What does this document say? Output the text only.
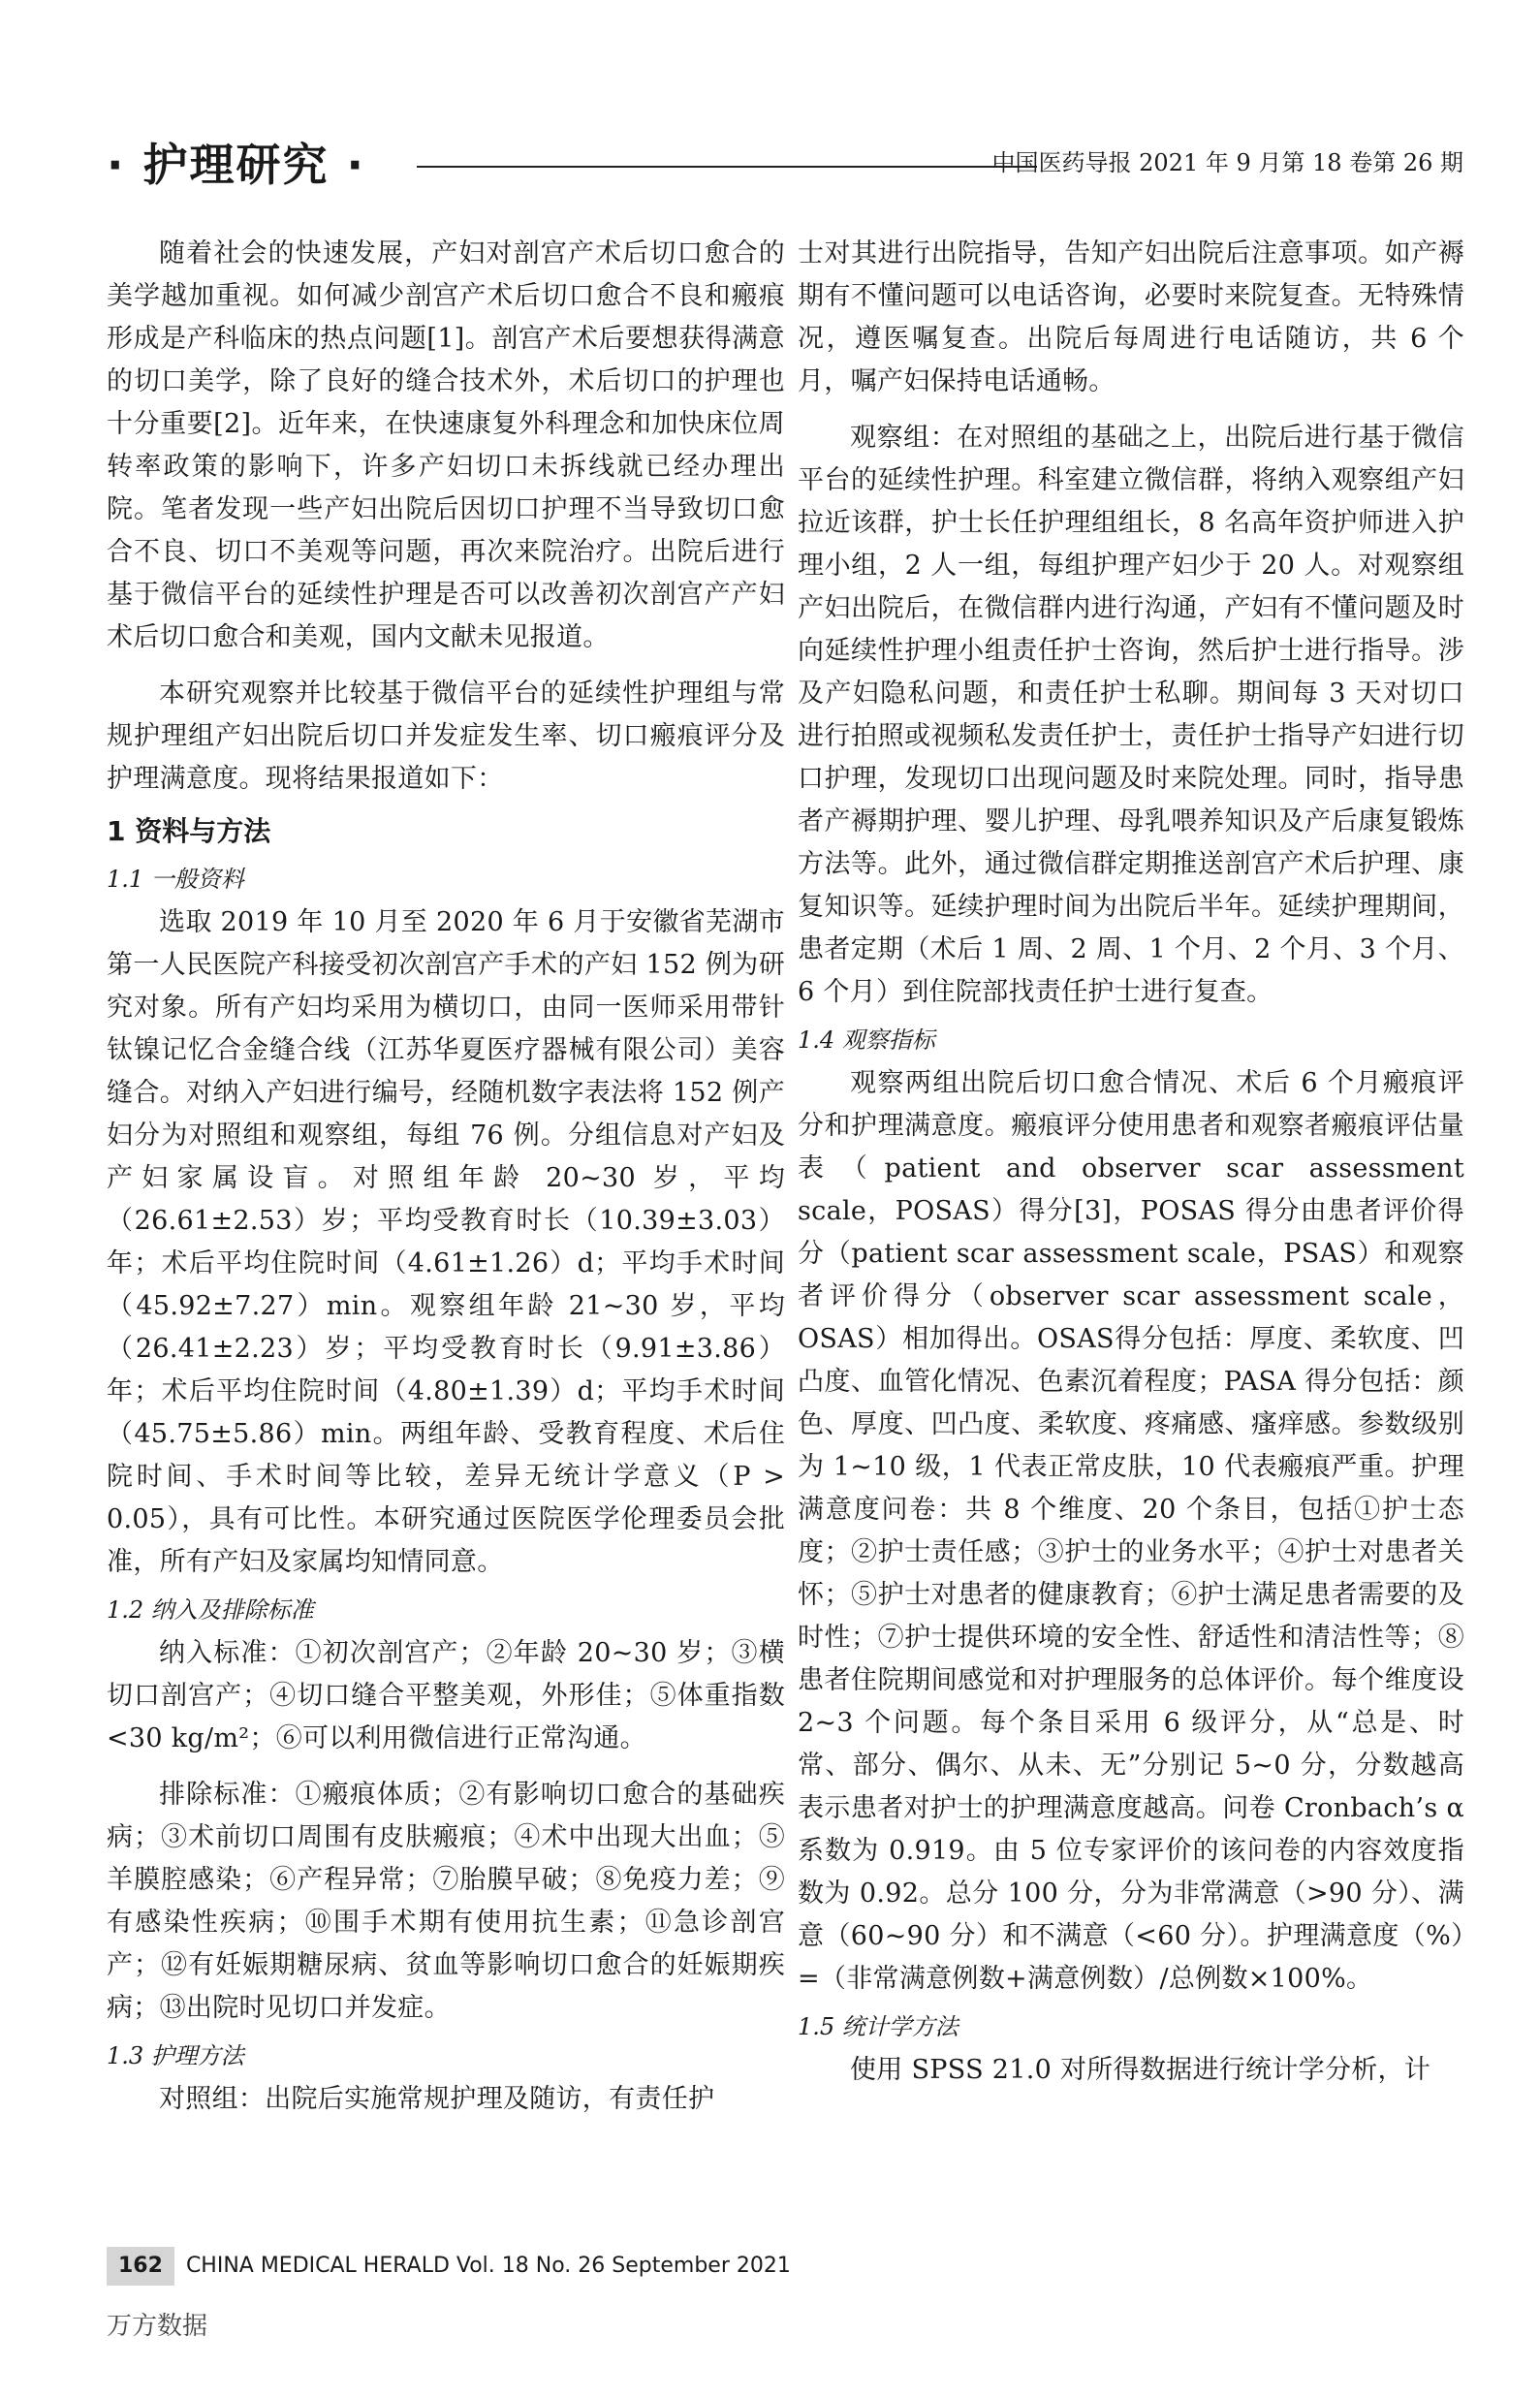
· 护理研究 ·	中国医药导报 2021 年 9 月第 18 卷第 26 期

随着社会的快速发展，产妇对剖宫产术后切口愈合的美学越加重视。如何减少剖宫产术后切口愈合不良和瘢痕形成是产科临床的热点问题[1]。剖宫产术后要想获得满意的切口美学，除了良好的缝合技术外，术后切口的护理也十分重要[2]。近年来，在快速康复外科理念和加快床位周转率政策的影响下，许多产妇切口未拆线就已经办理出院。笔者发现一些产妇出院后因切口护理不当导致切口愈合不良、切口不美观等问题，再次来院治疗。出院后进行基于微信平台的延续性护理是否可以改善初次剖宫产产妇术后切口愈合和美观，国内文献未见报道。

本研究观察并比较基于微信平台的延续性护理组与常规护理组产妇出院后切口并发症发生率、切口瘢痕评分及护理满意度。现将结果报道如下：

1 资料与方法
1.1 一般资料

选取 2019 年 10 月至 2020 年 6 月于安徽省芜湖市第一人民医院产科接受初次剖宫产手术的产妇 152 例为研究对象。所有产妇均采用为横切口，由同一医师采用带针钛镍记忆合金缝合线（江苏华夏医疗器械有限公司）美容缝合。对纳入产妇进行编号，经随机数字表法将 152 例产妇分为对照组和观察组，每组 76 例。分组信息对产妇及产妇家属设盲。对照组年龄 20~30 岁，平均（26.61±2.53）岁；平均受教育时长（10.39±3.03）年；术后平均住院时间（4.61±1.26）d；平均手术时间（45.92±7.27）min。观察组年龄 21~30 岁，平均（26.41±2.23）岁；平均受教育时长（9.91±3.86）年；术后平均住院时间（4.80±1.39）d；平均手术时间（45.75±5.86）min。两组年龄、受教育程度、术后住院时间、手术时间等比较，差异无统计学意义（P > 0.05），具有可比性。本研究通过医院医学伦理委员会批准，所有产妇及家属均知情同意。

1.2 纳入及排除标准

纳入标准：①初次剖宫产；②年龄 20~30 岁；③横切口剖宫产；④切口缝合平整美观，外形佳；⑤体重指数<30 kg/m²；⑥可以利用微信进行正常沟通。

排除标准：①瘢痕体质；②有影响切口愈合的基础疾病；③术前切口周围有皮肤瘢痕；④术中出现大出血；⑤羊膜腔感染；⑥产程异常；⑦胎膜早破；⑧免疫力差；⑨有感染性疾病；⑩围手术期有使用抗生素；⑪急诊剖宫产；⑫有妊娠期糖尿病、贫血等影响切口愈合的妊娠期疾病；⑬出院时见切口并发症。

1.3 护理方法

对照组：出院后实施常规护理及随访，有责任护

士对其进行出院指导，告知产妇出院后注意事项。如产褥期有不懂问题可以电话咨询，必要时来院复查。无特殊情况，遵医嘱复查。出院后每周进行电话随访，共 6 个月，嘱产妇保持电话通畅。

观察组：在对照组的基础之上，出院后进行基于微信平台的延续性护理。科室建立微信群，将纳入观察组产妇拉近该群，护士长任护理组组长，8 名高年资护师进入护理小组，2 人一组，每组护理产妇少于 20 人。对观察组产妇出院后，在微信群内进行沟通，产妇有不懂问题及时向延续性护理小组责任护士咨询，然后护士进行指导。涉及产妇隐私问题，和责任护士私聊。期间每 3 天对切口进行拍照或视频私发责任护士，责任护士指导产妇进行切口护理，发现切口出现问题及时来院处理。同时，指导患者产褥期护理、婴儿护理、母乳喂养知识及产后康复锻炼方法等。此外，通过微信群定期推送剖宫产术后护理、康复知识等。延续护理时间为出院后半年。延续护理期间，患者定期（术后 1 周、2 周、1 个月、2 个月、3 个月、6 个月）到住院部找责任护士进行复查。

1.4 观察指标

观察两组出院后切口愈合情况、术后 6 个月瘢痕评分和护理满意度。瘢痕评分使用患者和观察者瘢痕评估量表（patient and observer scar assessment scale，POSAS）得分[3]，POSAS 得分由患者评价得分（patient scar assessment scale，PSAS）和观察者评价得分（observer scar assessment scale，OSAS）相加得出。OSAS得分包括：厚度、柔软度、凹凸度、血管化情况、色素沉着程度；PASA 得分包括：颜色、厚度、凹凸度、柔软度、疼痛感、瘙痒感。参数级别为 1~10 级，1 代表正常皮肤，10 代表瘢痕严重。护理满意度问卷：共 8 个维度、20 个条目，包括①护士态度；②护士责任感；③护士的业务水平；④护士对患者关怀；⑤护士对患者的健康教育；⑥护士满足患者需要的及时性；⑦护士提供环境的安全性、舒适性和清洁性等；⑧患者住院期间感觉和对护理服务的总体评价。每个维度设 2~3 个问题。每个条目采用 6 级评分，从“总是、时常、部分、偶尔、从未、无”分别记 5~0 分，分数越高表示患者对护士的护理满意度越高。问卷 Cronbach’s α 系数为 0.919。由 5 位专家评价的该问卷的内容效度指数为 0.92。总分 100 分，分为非常满意（>90 分）、满意（60~90 分）和不满意（<60 分）。护理满意度（%）=（非常满意例数+满意例数）/总例数×100%。

1.5 统计学方法

使用 SPSS 21.0 对所得数据进行统计学分析，计

162 CHINA MEDICAL HERALD Vol. 18 No. 26 September 2021
万方数据
